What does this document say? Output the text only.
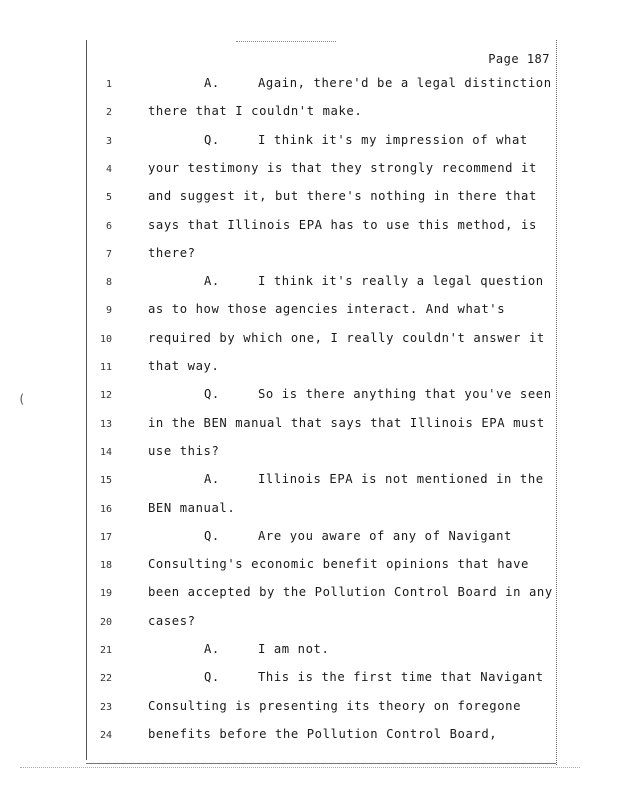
(
Page 187
1	A.	Again, there'd be a legal distinction
2	there that I couldn't make.
3	Q.	I think it's my impression of what
4	your testimony is that they strongly recommend it
5	and suggest it, but there's nothing in there that
6	says that Illinois EPA has to use this method, is
7	there?
8	A.	I think it's really a legal question
9	as to how those agencies interact. And what's
10	required by which one, I really couldn't answer it
11	that way.
12	Q.	So is there anything that you've seen
13	in the BEN manual that says that Illinois EPA must
14	use this?
15	A.	Illinois EPA is not mentioned in the
16	BEN manual.
17	Q.	Are you aware of any of Navigant
18	Consulting's economic benefit opinions that have
19	been accepted by the Pollution Control Board in any
20	cases?
21	A.	I am not.
22	Q.	This is the first time that Navigant
23	Consulting is presenting its theory on foregone
24	benefits before the Pollution Control Board,
